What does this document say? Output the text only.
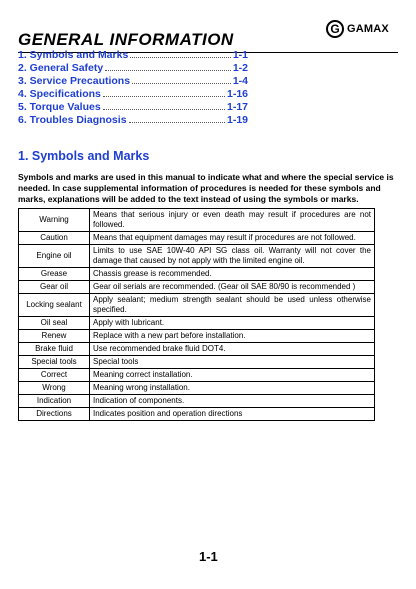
GENERAL INFORMATION
G GAMAX
1. Symbols and Marks	1-1
2. General Safety	1-2
3. Service Precautions	1-4
4. Specifications	1-16
5. Torque Values	1-17
6. Troubles Diagnosis	1-19
1. Symbols and Marks
Symbols and marks are used in this manual to indicate what and where the special service is needed. In case supplemental information of procedures is needed for these symbols and marks, explanations will be added to the text instead of using the symbols or marks.
Warning	Means that serious injury or even death may result if procedures are not followed.
Caution	Means that equipment damages may result if procedures are not followed.
Engine oil	Limits to use SAE 10W-40 API SG class oil. Warranty will not cover the damage that caused by not apply with the limited engine oil.
Grease	Chassis grease is recommended.
Gear oil	Gear oil serials are recommended. (Gear oil SAE 80/90 is recommended )
Locking sealant	Apply sealant; medium strength sealant should be used unless otherwise specified.
Oil seal	Apply with lubricant.
Renew	Replace with a new part before installation.
Brake fluid	Use recommended brake fluid DOT4.
Special tools	Special tools
Correct	Meaning correct installation.
Wrong	Meaning wrong installation.
Indication	Indication of components.
Directions	Indicates position and operation directions
1-1
